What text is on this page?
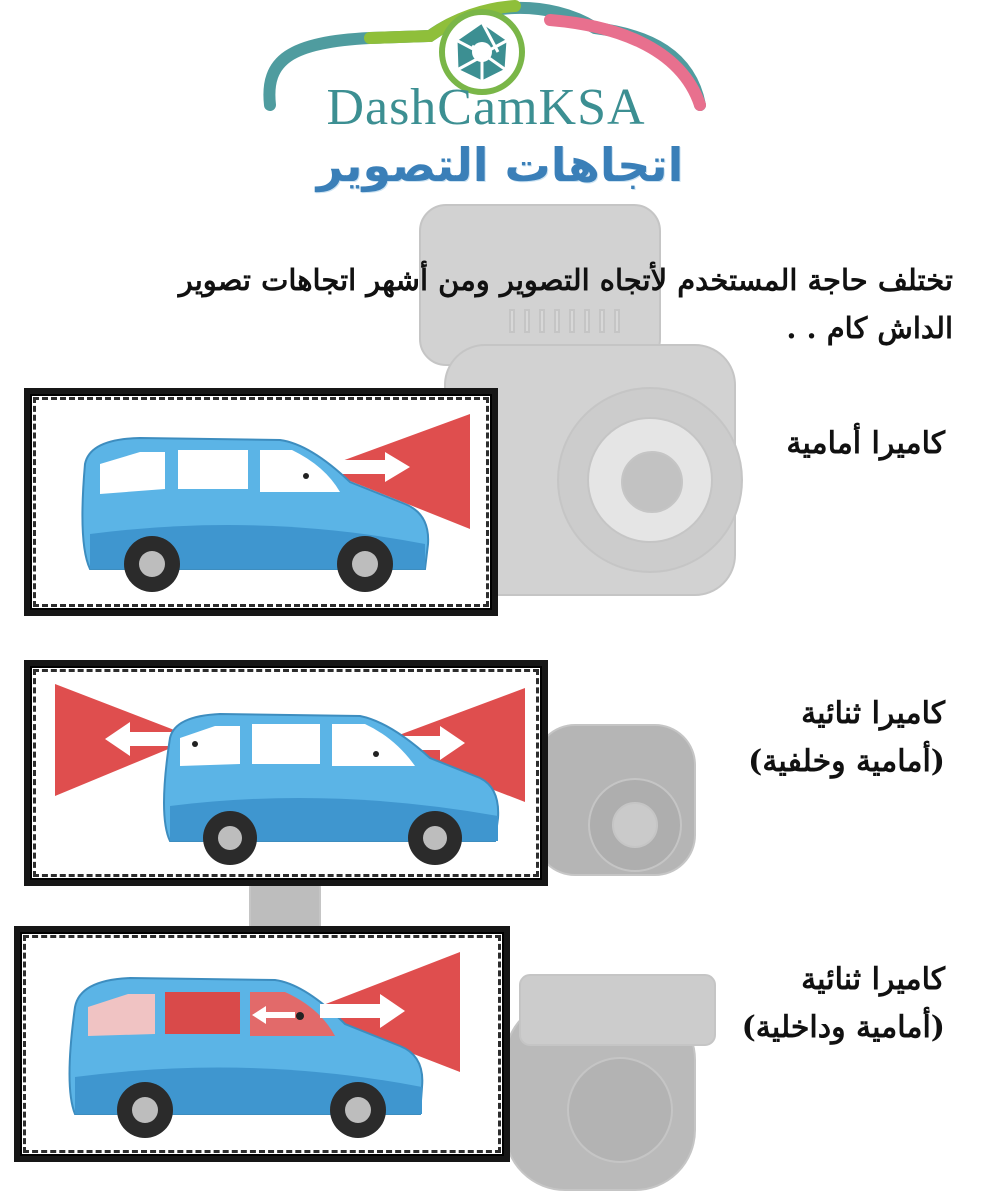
DashCamKSA
اتجاهات التصوير
تختلف حاجة المستخدم لأتجاه التصوير ومن أشهر اتجاهات تصوير
الداش كام . .
كاميرا أمامية
كاميرا ثنائية
(أمامية وخلفية)
كاميرا ثنائية
(أمامية وداخلية)
